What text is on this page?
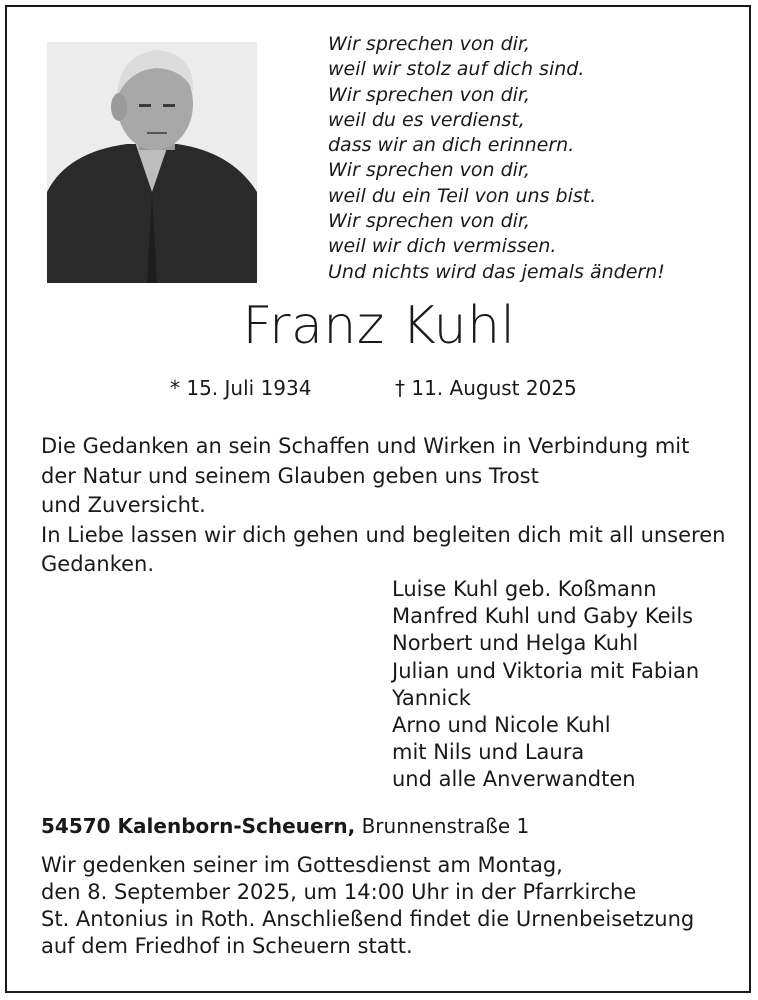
Wir sprechen von dir,
weil wir stolz auf dich sind.
Wir sprechen von dir,
weil du es verdienst,
dass wir an dich erinnern.
Wir sprechen von dir,
weil du ein Teil von uns bist.
Wir sprechen von dir,
weil wir dich vermissen.
Und nichts wird das jemals ändern!
Franz Kuhl
* 15. Juli 1934	† 11. August 2025
Die Gedanken an sein Schaffen und Wirken in Verbindung mit
der Natur und seinem Glauben geben uns Trost
und Zuversicht.
In Liebe lassen wir dich gehen und begleiten dich mit all unseren
Gedanken.
Luise Kuhl geb. Koßmann
Manfred Kuhl und Gaby Keils
Norbert und Helga Kuhl
Julian und Viktoria mit Fabian
Yannick
Arno und Nicole Kuhl
mit Nils und Laura
und alle Anverwandten
54570 Kalenborn-Scheuern, Brunnenstraße 1
Wir gedenken seiner im Gottesdienst am Montag,
den 8. September 2025, um 14:00 Uhr in der Pfarrkirche
St. Antonius in Roth. Anschließend findet die Urnenbeisetzung
auf dem Friedhof in Scheuern statt.
